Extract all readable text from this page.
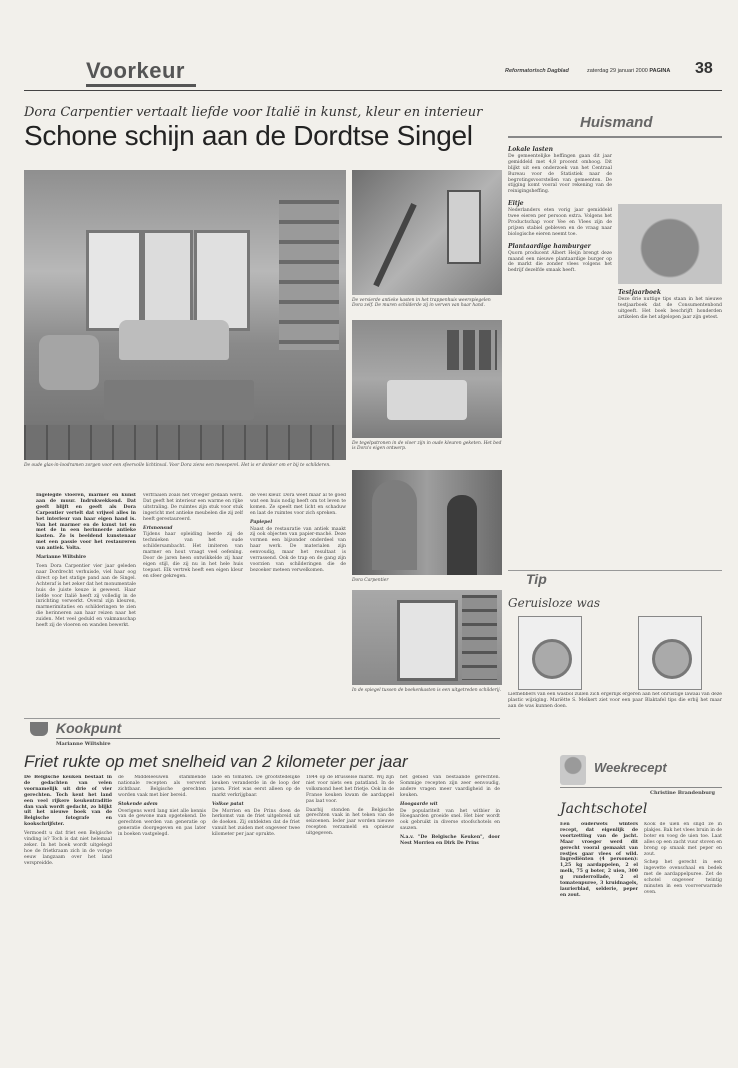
Voorkeur	Reformatorisch Dagblad	zaterdag 29 januari 2000 PAGINA 38
Dora Carpentier vertaalt liefde voor Italië in kunst, kleur en interieur
Schone schijn aan de Dordtse Singel
De oude glas-in-loodramen zorgen voor een sfeervolle lichtinval. Voor Dora ziens een meesperel. Het is er donker om er bij te schilderen.
De versierde antieke kasten in het trappenhuis weerspiegelen Dora zelf. De muren schilderde zij in verven van haar hand.
De tegelpatronen in de vloer zijn in oude kleuren geketen. Het bed is Dora's eigen ontwerp.
Dora Carpentier
In de spiegel tussen de boekenkasten is een uitgetreden schilderij.

Ingelegde vloeren, marmer en kunst aan de muur. Indrukwekkend. Dat geeft blijft en geeft als Dora Carpentier vertelt dat vrijwel alles in het interieur van haar eigen hand is. Van het marmer en de kunst tot en met de in een herinnerde antieke kasten. Zo is beeldend kunstenaar met een passie voor het restaureren van antiek. Volta.

Marianne Wiltshire

Toen Dora Carpentier vier jaar geleden naar Dordrecht verhuisde, viel haar oog direct op het statige pand aan de Singel. Achteraf is het zeker dat het monumentale huis de juiste keuze is geweest. Haar liefde voor Italië heeft zij volledig in de inrichting verwerkt. Overal zijn kleuren, marmerimitaties en schilderingen te zien die herinneren aan haar reizen naar het zuiden. Met veel geduld en vakmanschap heeft zij de vloeren en wanden bewerkt.

verfraaien zoals het vroeger gedaan werd. Dat geeft het interieur een warme en rijke uitstraling. De ruimtes zijn stuk voor stuk ingericht met antieke meubelen die zij zelf heeft gerestaureerd.

Ertsnonsud

Tijdens haar opleiding leerde zij de technieken van het oude schildersambacht. Het imiteren van marmer en hout vraagt veel oefening. Door de jaren heen ontwikkelde zij haar eigen stijl, die zij nu in het hele huis toepast. Elk vertrek heeft een eigen kleur en sfeer gekregen.

de veel kleur. Dora weet maar al te goed wat een huis nodig heeft om tot leven te komen. Ze speelt met licht en schaduw en laat de ruimtes voor zich spreken.

Papiepel

Naast de restauratie van antiek maakt zij ook objecten van papier-maché. Deze vormen een bijzonder onderdeel van haar werk. De materialen zijn eenvoudig, maar het resultaat is verrassend. Ook de trap en de gang zijn voorzien van schilderingen die de bezoeker meteen verwelkomen.

Huismand

Lokale lasten

De gemeentelijke heffingen gaan dit jaar gemiddeld met 4,8 procent omhoog. Dit blijkt uit een onderzoek van het Centraal Bureau voor de Statistiek naar de begrotingsvoorstellen van gemeenten. De stijging komt vooral voor rekening van de reinigingsheffing.

Eitje

Nederlanders eten vorig jaar gemiddeld twee eieren per persoon extra. Volgens het Productschap voor Vee en Vlees zijn de prijzen stabiel gebleven en de vraag naar biologische eieren neemt toe.

Plantaardige hamburger

Quorn producent Albert Heijn brengt deze maand een nieuwe plantaardige burger op de markt die zonder vlees volgens het bedrijf dezelfde smaak heeft.

Testjaarboek

Deze drie nuttige tips staan in het nieuwe testjaarboek dat de Consumentenbond uitgeeft. Het boek beschrijft honderden artikelen die het afgelopen jaar zijn getest.

Tip
Geruisloze was
Liefhebbers van een wasbol zullen zich ergerlijk ergeren aan het onrustige lawaai van deze plastic wijziging. Mariëtte S. Melkert ziet voor een paar Blaktafel tips die erbij het maar aan de was kunnen doen.
Kookpunt
Marianne Wiltshire
Friet rukte op met snelheid van 2 kilometer per jaar

De Belgische keuken bestaat in de gedachten van velen voornamelijk uit drie of vier gerechten. Toch kent het land een veel rijkere keukentraditie dan vaak wordt gedacht, zo blijkt uit het nieuwe boek van de Belgische fotografe en kookschrijfster.

Vermoedt u dat friet een Belgische vinding is? Toch is dat niet helemaal zeker. In het boek wordt uitgelegd hoe de frietkraam zich in de vorige eeuw langzaam over het land verspreidde.

de Middeleeuwen stammende nationale recepten als ververst zichtbaar. Belgische gerechten worden vaak met bier bereid.

Stokende adem

Overigens werd lang niet alle kennis van de gewone man opgetekend. De gerechten werden van generatie op generatie doorgegeven en pas later in boeken vastgelegd.

lade en tomaten. De grootstedelijke keuken veranderde in de loop der jaren. Friet was eerst alleen op de markt verkrijgbaar.

Volkse patat

De Morrien en De Prins doen de herkomst van de friet uitgebreid uit de doeken. Zij ontdekten dat de friet vanuit het zuiden met ongeveer twee kilometer per jaar oprukte.

1844 op de Brusselse markt. Wij zijn niet voor niets een patatland. In de volksmond heet het frietje. Ook in de Franse keuken kwam de aardappel pas laat voor.

Daarbij stonden de Belgische gerechten vaak in het teken van de seizoenen. Ieder jaar worden nieuwe recepten verzameld en opnieuw uitgegeven.

het gebied van bestaande gerechten. Sommige recepten zijn zeer eenvoudig, andere vragen meer vaardigheid in de keuken.

Hoogaarde wit

De populariteit van het witbier in Hoegaarden groeide snel. Het bier wordt ook gebruikt in diverse stoofschotels en sauzen.

N.a.v. "De Belgische Keuken", door Nest Morrien en Dirk De Prins

Weekrecept
Christine Brandenburg
Jachtschotel

Een ouderwets winters recept, dat eigenlijk de voortzetting van de jacht. Maar vroeger werd dit gerecht vooral gemaakt van restjes gaar vlees of wild. Ingrediënten (4 personen): 1,25 kg aardappelen, 2 el melk, 75 g boter, 2 uien, 300 g runderrollade, 2 el tomatenpuree, 3 kruidnagels, laurierblad, selderie, peper en zout.

Kook de uien en snijd ze in plakjes. Bak het vlees bruin in de boter en voeg de uien toe. Laat alles op een zacht vuur stoven en breng op smaak met peper en zout.

Schep het gerecht in een ingevette ovenschaal en bedek met de aardappelpuree. Zet de schotel ongeveer twintig minuten in een voorverwarmde oven.
